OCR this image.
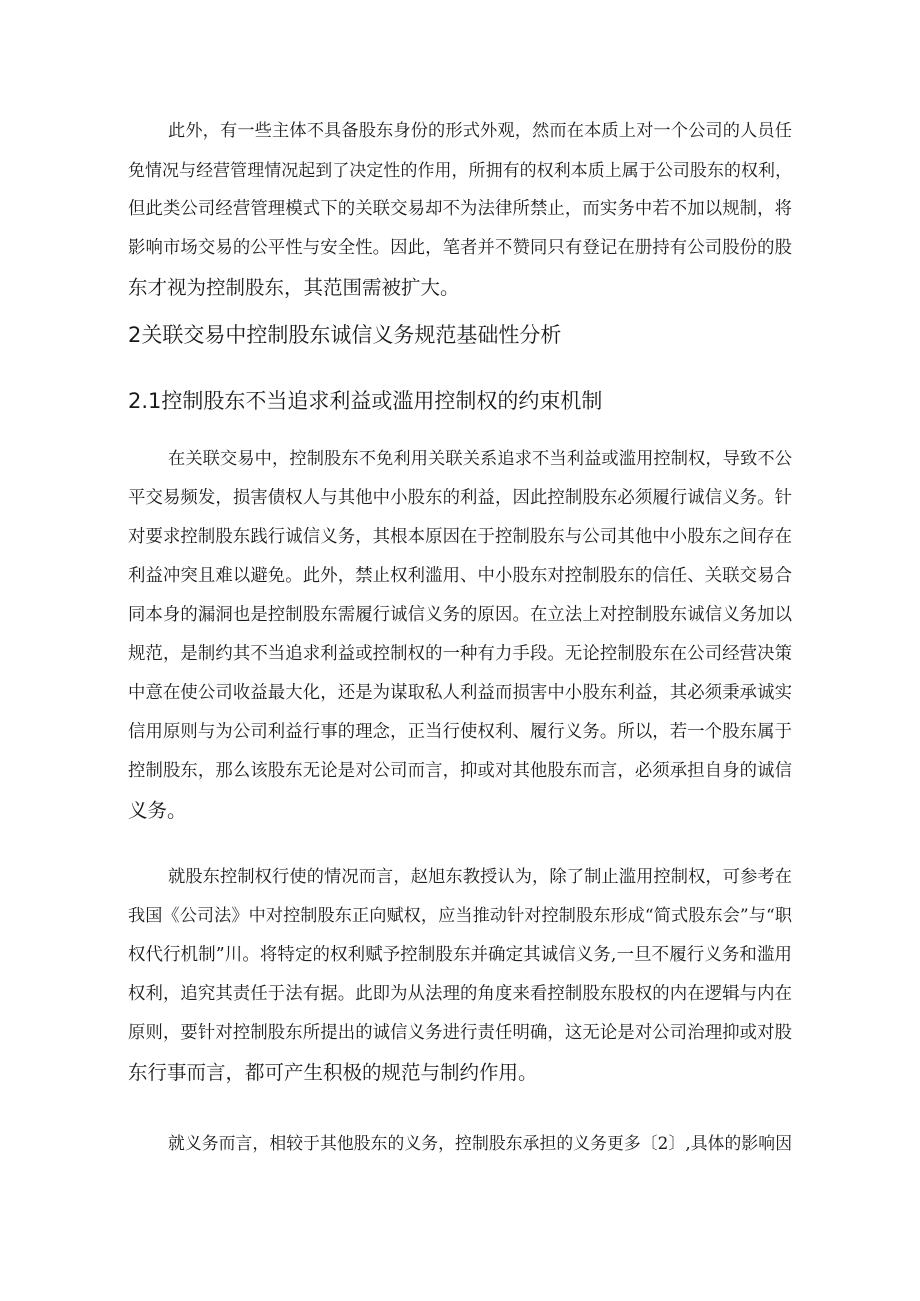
此外，有一些主体不具备股东身份的形式外观，然而在本质上对一个公司的人员任
免情况与经营管理情况起到了决定性的作用，所拥有的权利本质上属于公司股东的权利，
但此类公司经营管理模式下的关联交易却不为法律所禁止，而实务中若不加以规制，将
影响市场交易的公平性与安全性。因此，笔者并不赞同只有登记在册持有公司股份的股
东才视为控制股东，其范围需被扩大。

2关联交易中控制股东诚信义务规范基础性分析
2.1控制股东不当追求利益或滥用控制权的约束机制

在关联交易中，控制股东不免利用关联关系追求不当利益或滥用控制权，导致不公
平交易频发，损害债权人与其他中小股东的利益，因此控制股东必须履行诚信义务。针
对要求控制股东践行诚信义务，其根本原因在于控制股东与公司其他中小股东之间存在
利益冲突且难以避免。此外，禁止权利滥用、中小股东对控制股东的信任、关联交易合
同本身的漏洞也是控制股东需履行诚信义务的原因。在立法上对控制股东诚信义务加以
规范，是制约其不当追求利益或控制权的一种有力手段。无论控制股东在公司经营决策
中意在使公司收益最大化，还是为谋取私人利益而损害中小股东利益，其必须秉承诚实
信用原则与为公司利益行事的理念，正当行使权利、履行义务。所以，若一个股东属于
控制股东，那么该股东无论是对公司而言，抑或对其他股东而言，必须承担自身的诚信
义务。

就股东控制权行使的情况而言，赵旭东教授认为，除了制止滥用控制权，可参考在
我国《公司法》中对控制股东正向赋权，应当推动针对控制股东形成“简式股东会”与“职
权代行机制”川。将特定的权利赋予控制股东并确定其诚信义务,一旦不履行义务和滥用
权利，追究其责任于法有据。此即为从法理的角度来看控制股东股权的内在逻辑与内在
原则，要针对控制股东所提出的诚信义务进行责任明确，这无论是对公司治理抑或对股
东行事而言，都可产生积极的规范与制约作用。

就义务而言，相较于其他股东的义务，控制股东承担的义务更多〔2〕,具体的影响因
